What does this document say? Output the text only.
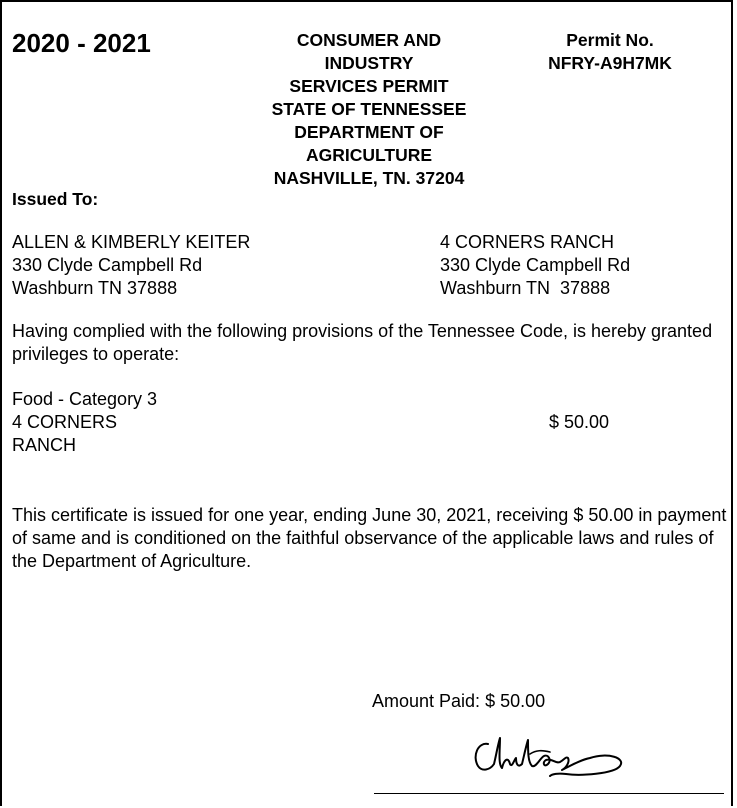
2020 - 2021	CONSUMER AND
INDUSTRY
SERVICES PERMIT
STATE OF TENNESSEE
DEPARTMENT OF
AGRICULTURE
NASHVILLE, TN. 37204
Permit No.
NFRY-A9H7MK
Issued To:
ALLEN & KIMBERLY KEITER
330 Clyde Campbell Rd
Washburn TN 37888
4 CORNERS RANCH
330 Clyde Campbell Rd
Washburn TN  37888
Having complied with the following provisions of the Tennessee Code, is hereby granted privileges to operate:
Food - Category 3
4 CORNERS RANCH
$ 50.00
This certificate is issued for one year, ending June 30, 2021, receiving $ 50.00 in payment of same and is conditioned on the faithful observance of the applicable laws and rules of the Department of Agriculture.
Amount Paid: $ 50.00
